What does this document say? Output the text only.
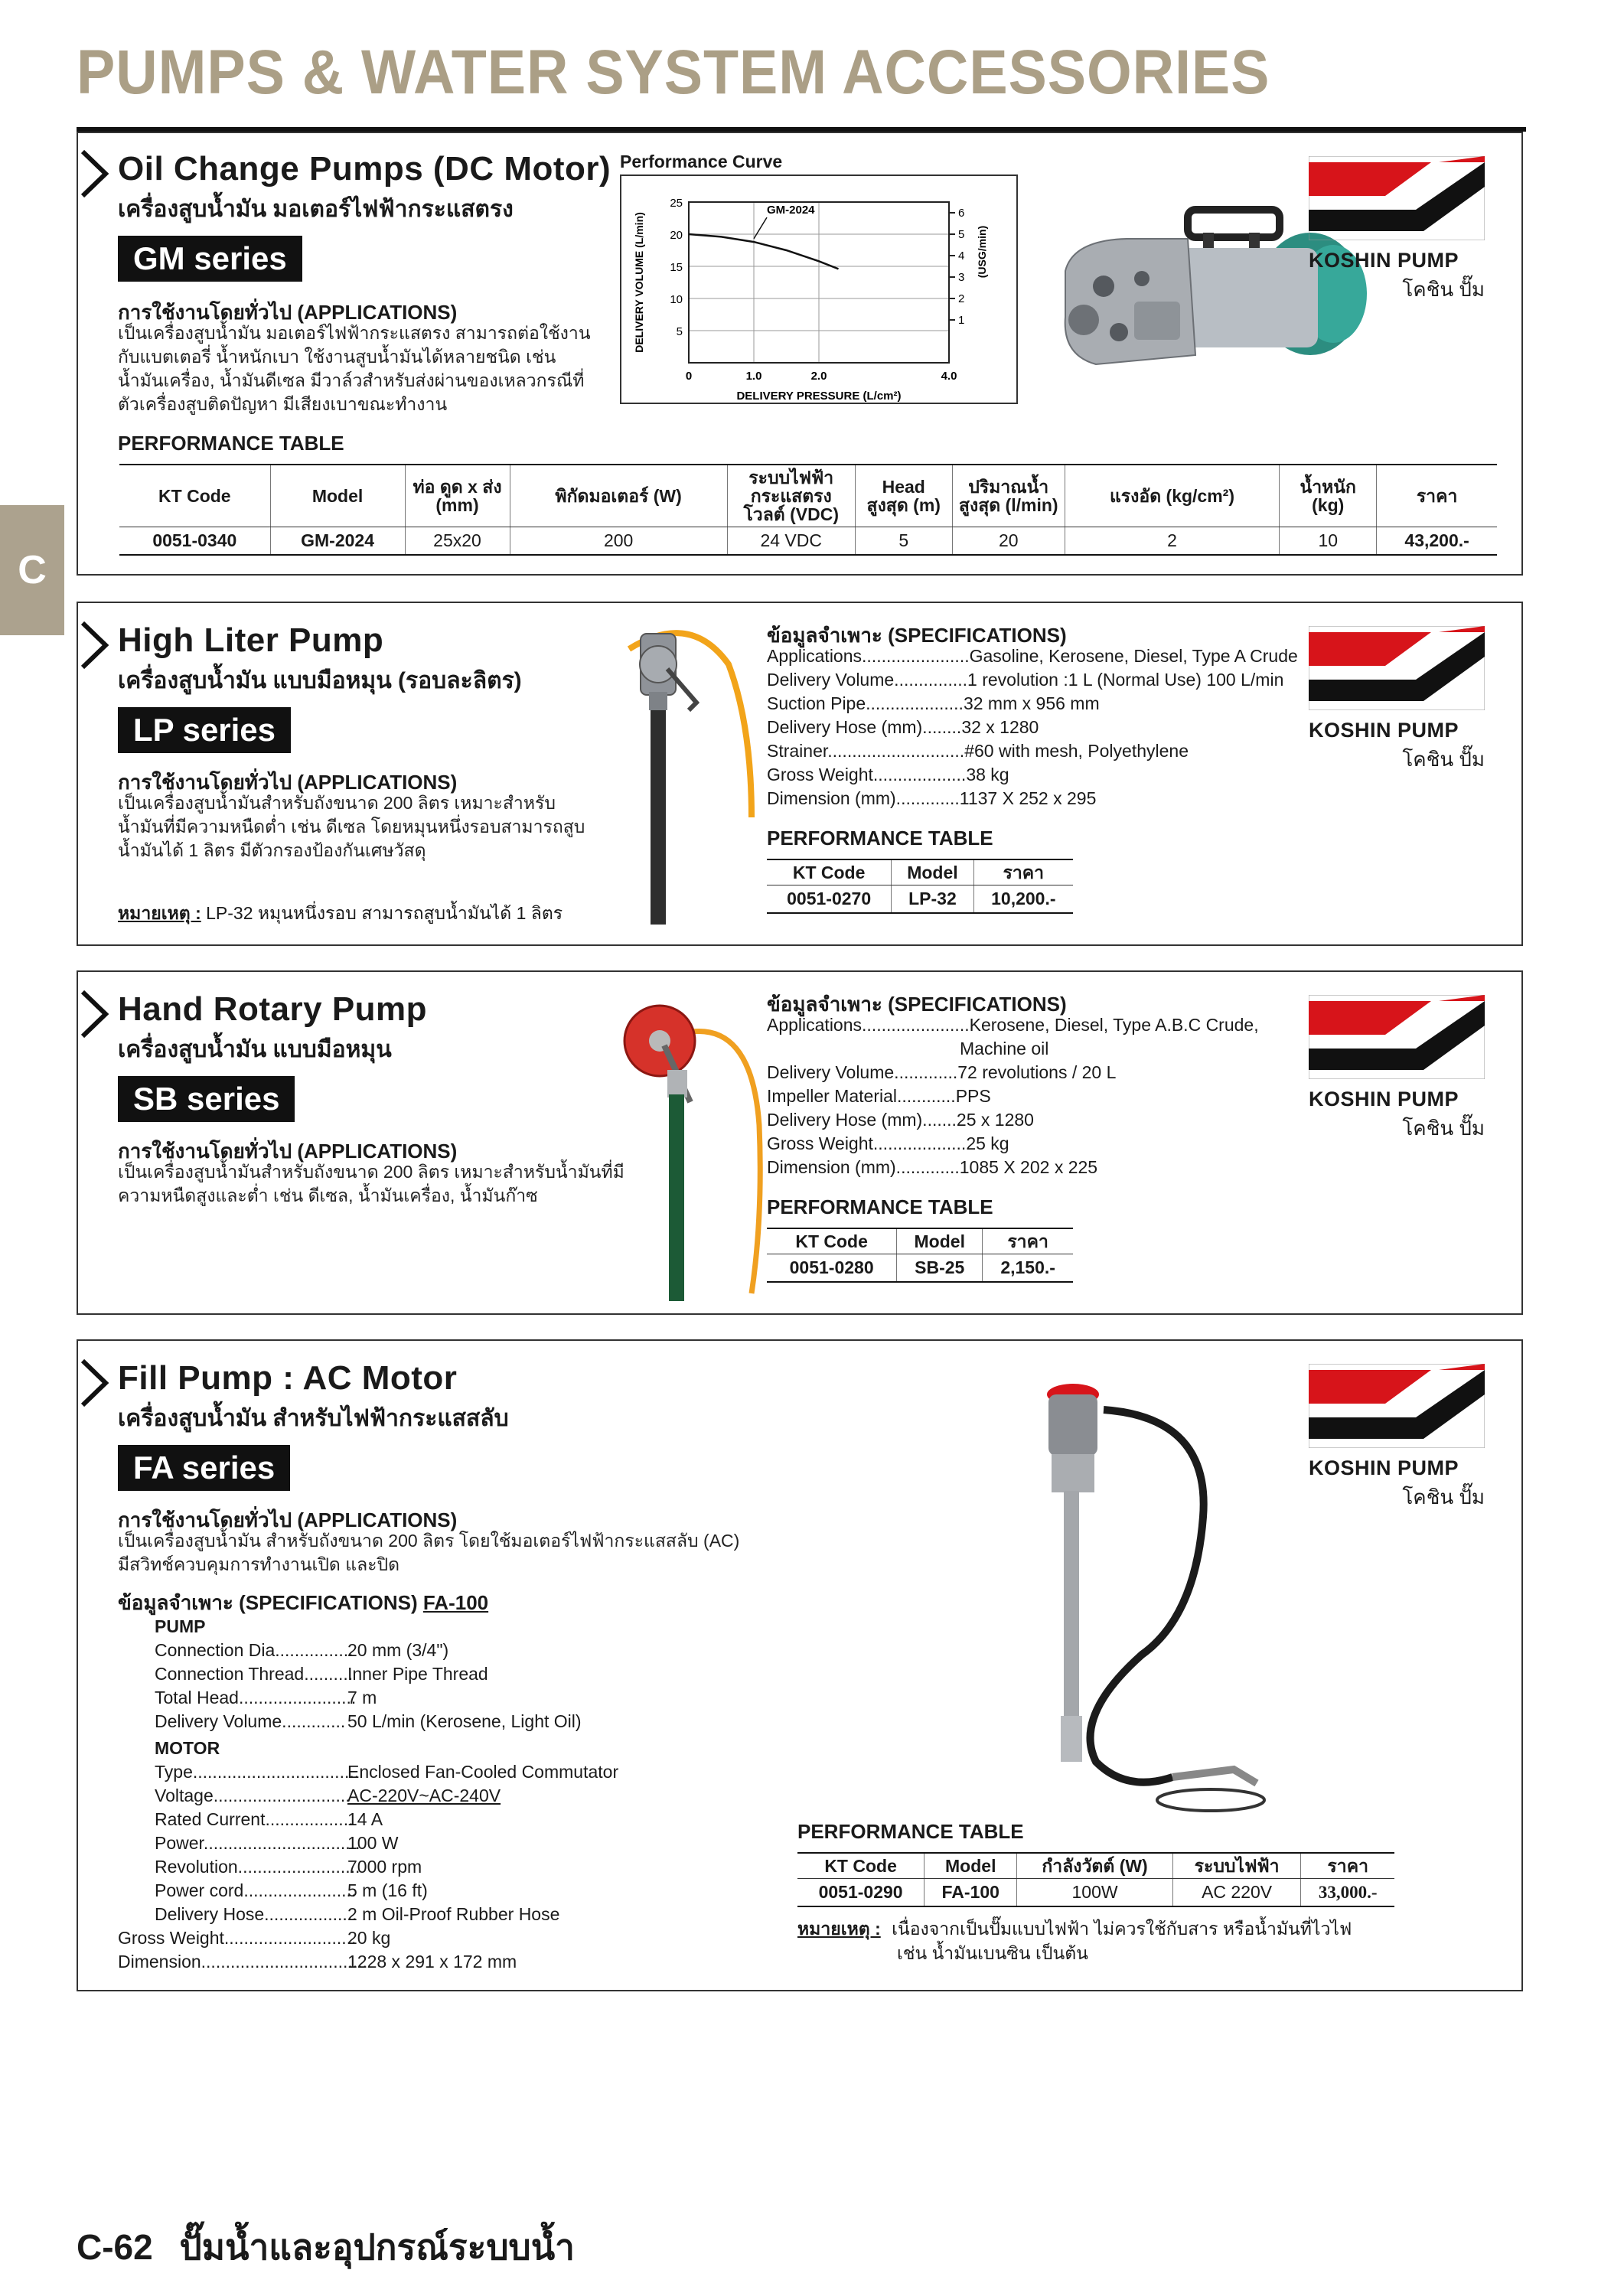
PUMPS & WATER SYSTEM ACCESSORIES
C
Oil Change Pumps (DC Motor)
เครื่องสูบน้ำมัน มอเตอร์ไฟฟ้ากระแสตรง
GM series
การใช้งานโดยทั่วไป (APPLICATIONS)
เป็นเครื่องสูบน้ำมัน มอเตอร์ไฟฟ้ากระแสตรง สามารถต่อใช้งาน
กับแบตเตอรี่ น้ำหนักเบา ใช้งานสูบน้ำมันได้หลายชนิด เช่น
น้ำมันเครื่อง, น้ำมันดีเซล มีวาล์วสำหรับส่งผ่านของเหลวกรณีที่
ตัวเครื่องสูบติดปัญหา มีเสียงเบาขณะทำงาน
PERFORMANCE TABLE
Performance Curve
25
20
15
10
5
0	1.0	2.0	4.0
6
5
4
3
2
1
GM-2024
DELIVERY PRESSURE (L/cm²)
DELIVERY VOLUME (L/min)	(USG/min)	KOSHIN PUMP
โคชิน ปั๊ม
KT Code	Model	ท่อ ดูด x ส่ง (mm)	พิกัดมอเตอร์ (W)	ระบบไฟฟ้า กระแสตรง โวลต์ (VDC)	Head สูงสุด (m)	ปริมาณน้ำ สูงสุด (l/min)	แรงอัด (kg/cm²)	น้ำหนัก (kg)	ราคา
0051-0340	GM-2024	25x20	200	24 VDC	5	20	2	10	43,200.-
High Liter Pump
เครื่องสูบน้ำมัน แบบมือหมุน (รอบละลิตร)
LP series
การใช้งานโดยทั่วไป (APPLICATIONS)
เป็นเครื่องสูบน้ำมันสำหรับถังขนาด 200 ลิตร เหมาะสำหรับ
น้ำมันที่มีความหนืดต่ำ เช่น ดีเซล โดยหมุนหนึ่งรอบสามารถสูบ
น้ำมันได้ 1 ลิตร มีตัวกรองป้องกันเศษวัสดุ
หมายเหตุ : LP-32 หมุนหนึ่งรอบ สามารถสูบน้ำมันได้ 1 ลิตร
ข้อมูลจำเพาะ (SPECIFICATIONS)
Applications...................... Gasoline, Kerosene, Diesel, Type A Crude
Delivery Volume............... 1 revolution :1 L (Normal Use) 100 L/min
Suction Pipe.................... 32 mm x 956 mm
Delivery Hose (mm)........ 32 x 1280
Strainer............................ #60 with mesh, Polyethylene
Gross Weight................... 38 kg
Dimension (mm)............. 1137 X 252 x 295
PERFORMANCE TABLE
KT Code	Model	ราคา
0051-0270	LP-32	10,200.-
KOSHIN PUMP
โคชิน ปั๊ม
Hand Rotary Pump
เครื่องสูบน้ำมัน แบบมือหมุน
SB series
การใช้งานโดยทั่วไป (APPLICATIONS)
เป็นเครื่องสูบน้ำมันสำหรับถังขนาด 200 ลิตร เหมาะสำหรับน้ำมันที่มี
ความหนืดสูงและต่ำ เช่น ดีเซล, น้ำมันเครื่อง, น้ำมันก๊าซ
ข้อมูลจำเพาะ (SPECIFICATIONS)
Applications...................... Kerosene, Diesel, Type A.B.C Crude,
Machine oil
Delivery Volume............. 72 revolutions / 20 L
Impeller Material............ PPS
Delivery Hose (mm)....... 25 x 1280
Gross Weight................... 25 kg
Dimension (mm)............. 1085 X 202 x 225
PERFORMANCE TABLE
KT Code	Model	ราคา
0051-0280	SB-25	2,150.-
KOSHIN PUMP
โคชิน ปั๊ม
Fill Pump : AC Motor
เครื่องสูบน้ำมัน สำหรับไฟฟ้ากระแสสลับ
FA series
การใช้งานโดยทั่วไป (APPLICATIONS)
เป็นเครื่องสูบน้ำมัน สำหรับถังขนาด 200 ลิตร โดยใช้มอเตอร์ไฟฟ้ากระแสสลับ (AC)
มีสวิทช์ควบคุมการทำงานเปิด และปิด
ข้อมูลจำเพาะ (SPECIFICATIONS) FA-100
PUMP
Connection Dia................
20 mm (3/4")
Connection Thread..........
Inner Pipe Thread
Total Head........................
7 m
Delivery Volume............. 50 L/min (Kerosene, Light Oil)
MOTOR
Type..................................
Enclosed Fan-Cooled Commutator
Voltage............................
AC-220V~AC-240V
Rated Current..................
14 A
Power................................
100 W
Revolution.........................
7000 rpm
Power cord.......................
5 m (16 ft)
Delivery Hose...................
2 m Oil-Proof Rubber Hose
Gross Weight...........................
20 kg
Dimension..................................
1228 x 291 x 172 mm
PERFORMANCE TABLE
KT Code	Model	กำลังวัตต์ (W)	ระบบไฟฟ้า	ราคา
0051-0290	FA-100	100W	AC 220V	33,000.-
หมายเหตุ : เนื่องจากเป็นปั๊มแบบไฟฟ้า ไม่ควรใช้กับสาร หรือน้ำมันที่ไวไฟ
เช่น น้ำมันเบนซิน เป็นต้น
KOSHIN PUMP
โคชิน ปั๊ม
C-62 ปั๊มน้ำและอุปกรณ์ระบบน้ำ
